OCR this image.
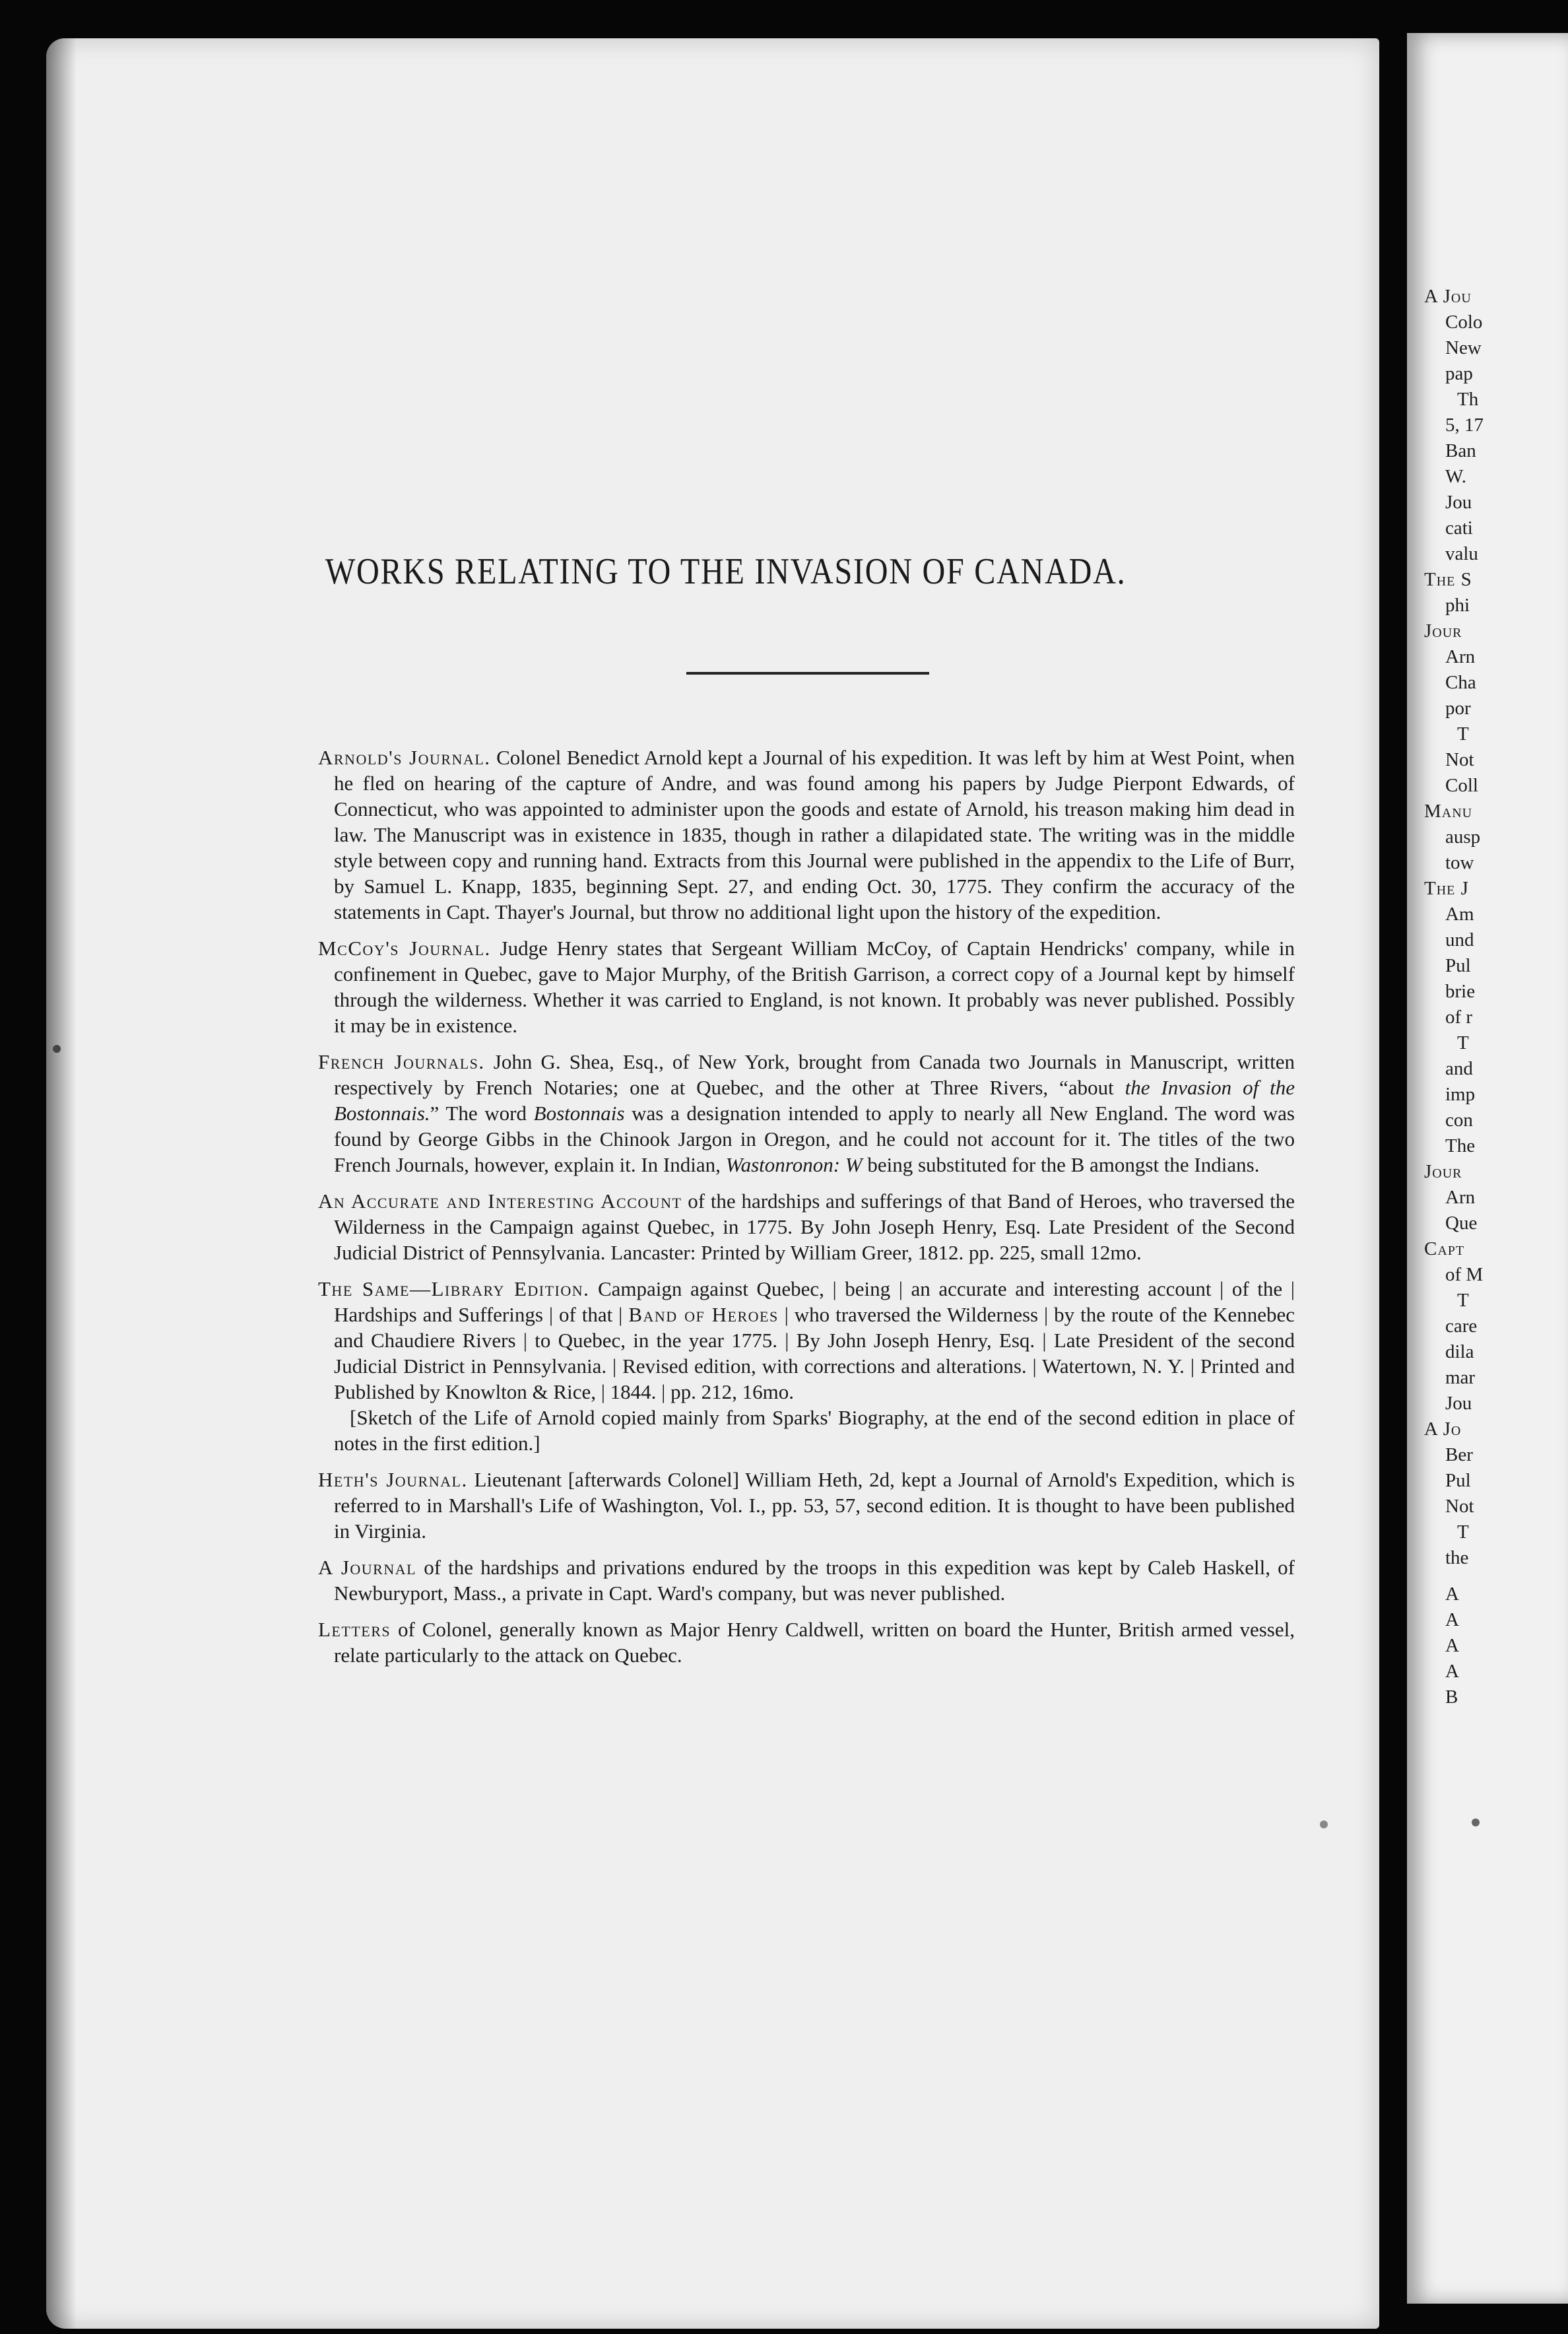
WORKS RELATING TO THE INVASION OF CANADA.

Arnold's Journal. Colonel Benedict Arnold kept a Journal of his expedition. It was left by him at West Point, when he fled on hearing of the capture of Andre, and was found among his papers by Judge Pierpont Edwards, of Connecticut, who was appointed to administer upon the goods and estate of Arnold, his treason making him dead in law. The Manuscript was in existence in 1835, though in rather a dilapidated state. The writing was in the middle style between copy and running hand. Extracts from this Journal were published in the appendix to the Life of Burr, by Samuel L. Knapp, 1835, beginning Sept. 27, and ending Oct. 30, 1775. They confirm the accuracy of the statements in Capt. Thayer's Journal, but throw no additional light upon the history of the expedition.

McCoy's Journal. Judge Henry states that Sergeant William McCoy, of Captain Hendricks' company, while in confinement in Quebec, gave to Major Murphy, of the British Garrison, a correct copy of a Journal kept by himself through the wilderness. Whether it was carried to England, is not known. It probably was never published. Possibly it may be in existence.

French Journals. John G. Shea, Esq., of New York, brought from Canada two Journals in Manuscript, written respectively by French Notaries; one at Quebec, and the other at Three Rivers, “about the Invasion of the Bostonnais.” The word Bostonnais was a designation intended to apply to nearly all New England. The word was found by George Gibbs in the Chinook Jargon in Oregon, and he could not account for it. The titles of the two French Journals, however, explain it. In Indian, Wastonronon: W being substituted for the B amongst the Indians.

An Accurate and Interesting Account of the hardships and sufferings of that Band of Heroes, who traversed the Wilderness in the Campaign against Quebec, in 1775. By John Joseph Henry, Esq. Late President of the Second Judicial District of Pennsylvania. Lancaster: Printed by William Greer, 1812. pp. 225, small 12mo.

The Same—Library Edition. Campaign against Quebec, | being | an accurate and interesting account | of the | Hardships and Sufferings | of that | Band of Heroes | who traversed the Wilderness | by the route of the Kennebec and Chaudiere Rivers | to Quebec, in the year 1775. | By John Joseph Henry, Esq. | Late President of the second Judicial District in Pennsylvania. | Revised edition, with corrections and alterations. | Watertown, N. Y. | Printed and Published by Knowlton & Rice, | 1844. | pp. 212, 16mo.
[Sketch of the Life of Arnold copied mainly from Sparks' Biography, at the end of the second edition in place of notes in the first edition.]

Heth's Journal. Lieutenant [afterwards Colonel] William Heth, 2d, kept a Journal of Arnold's Expedition, which is referred to in Marshall's Life of Washington, Vol. I., pp. 53, 57, second edition. It is thought to have been published in Virginia.

A Journal of the hardships and privations endured by the troops in this expedition was kept by Caleb Haskell, of Newburyport, Mass., a private in Capt. Ward's company, but was never published.

Letters of Colonel, generally known as Major Henry Caldwell, written on board the Hunter, British armed vessel, relate particularly to the attack on Quebec.

A Jou
Colo
New
pap
Th
5, 17
Ban
W.
Jou
cati
valu
The S
phi
Jour
Arn
Cha
por
T
Not
Coll
Manu
ausp
tow
The J
Am
und
Pul
brie
of r
T
and
imp
con
The
Jour
Arn
Que
Capt
of M
T
care
dila
mar
Jou
A Jo
Ber
Pul
Not
T
the
A
A
A
A
B
